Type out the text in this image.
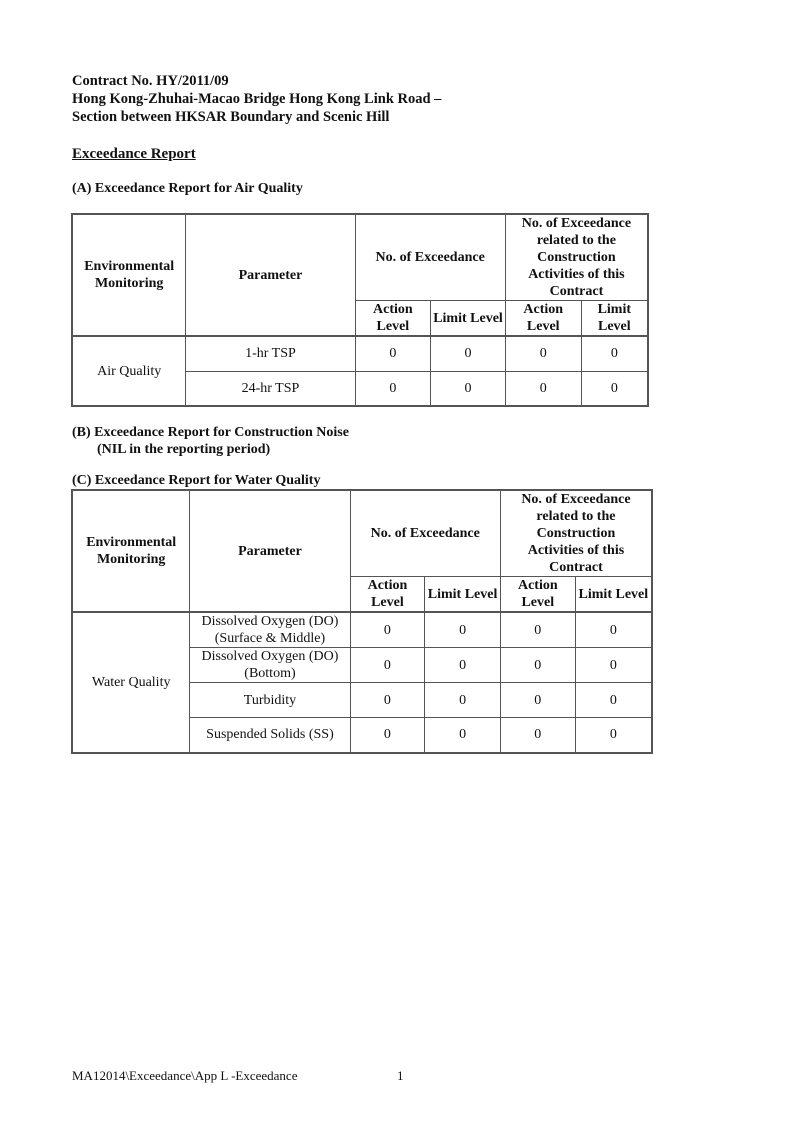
Contract No. HY/2011/09
Hong Kong-Zhuhai-Macao Bridge Hong Kong Link Road –
Section between HKSAR Boundary and Scenic Hill
Exceedance Report
(A) Exceedance Report for Air Quality
Environmental Monitoring	Parameter	No. of Exceedance		No. of Exceedance related to the Construction Activities of this Contract	
		Action Level	Limit Level	Action Level	Limit Level
Air Quality	1-hr TSP	0	0	0	0
	24-hr TSP	0	0	0	0
(B) Exceedance Report for Construction Noise
(NIL in the reporting period)
(C) Exceedance Report for Water Quality
Environmental Monitoring	Parameter	No. of Exceedance		No. of Exceedance related to the Construction Activities of this Contract	
		Action Level	Limit Level	Action Level	Limit Level
Water Quality	Dissolved Oxygen (DO) (Surface & Middle)	0	0	0	0
	Dissolved Oxygen (DO) (Bottom)	0	0	0	0
	Turbidity	0	0	0	0
	Suspended Solids (SS)	0	0	0	0
MA12014\Exceedance\App L -Exceedance	1
